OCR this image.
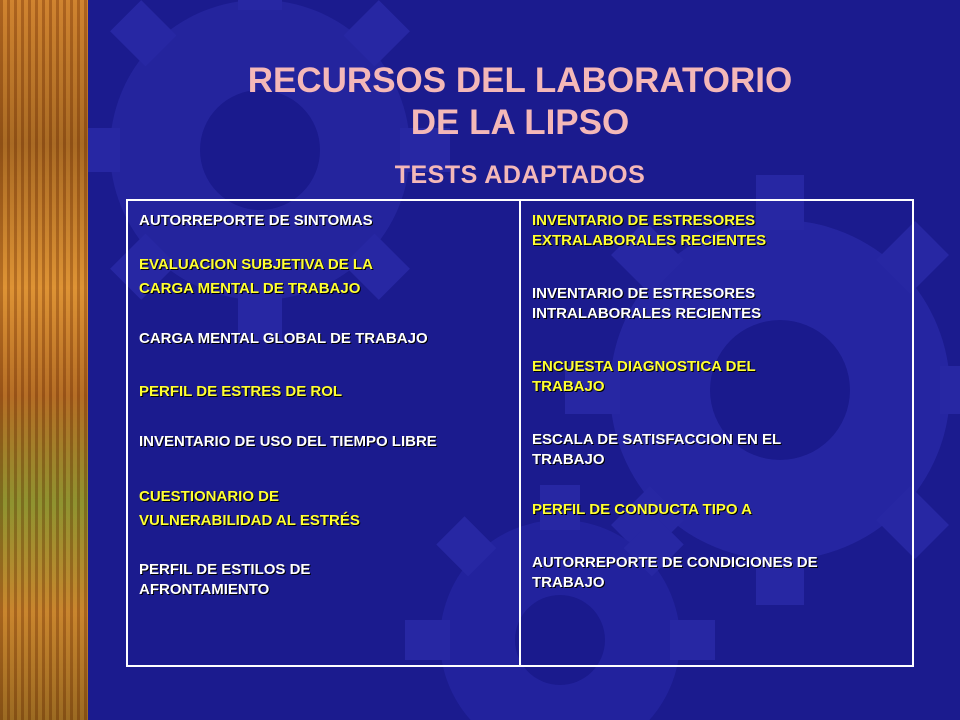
RECURSOS DEL LABORATORIO
DE LA LIPSO
TESTS ADAPTADOS
AUTORREPORTE DE SINTOMAS
EVALUACION SUBJETIVA DE LA
CARGA MENTAL DE TRABAJO
CARGA MENTAL GLOBAL DE TRABAJO
PERFIL DE ESTRES DE ROL
INVENTARIO DE USO DEL TIEMPO LIBRE
CUESTIONARIO DE
VULNERABILIDAD AL ESTRÉS
PERFIL DE ESTILOS DE
AFRONTAMIENTO
INVENTARIO DE ESTRESORES
EXTRALABORALES RECIENTES
INVENTARIO DE ESTRESORES
INTRALABORALES RECIENTES
ENCUESTA DIAGNOSTICA DEL
TRABAJO
ESCALA DE SATISFACCION EN EL
TRABAJO
PERFIL DE CONDUCTA TIPO A
AUTORREPORTE DE CONDICIONES DE
TRABAJO
